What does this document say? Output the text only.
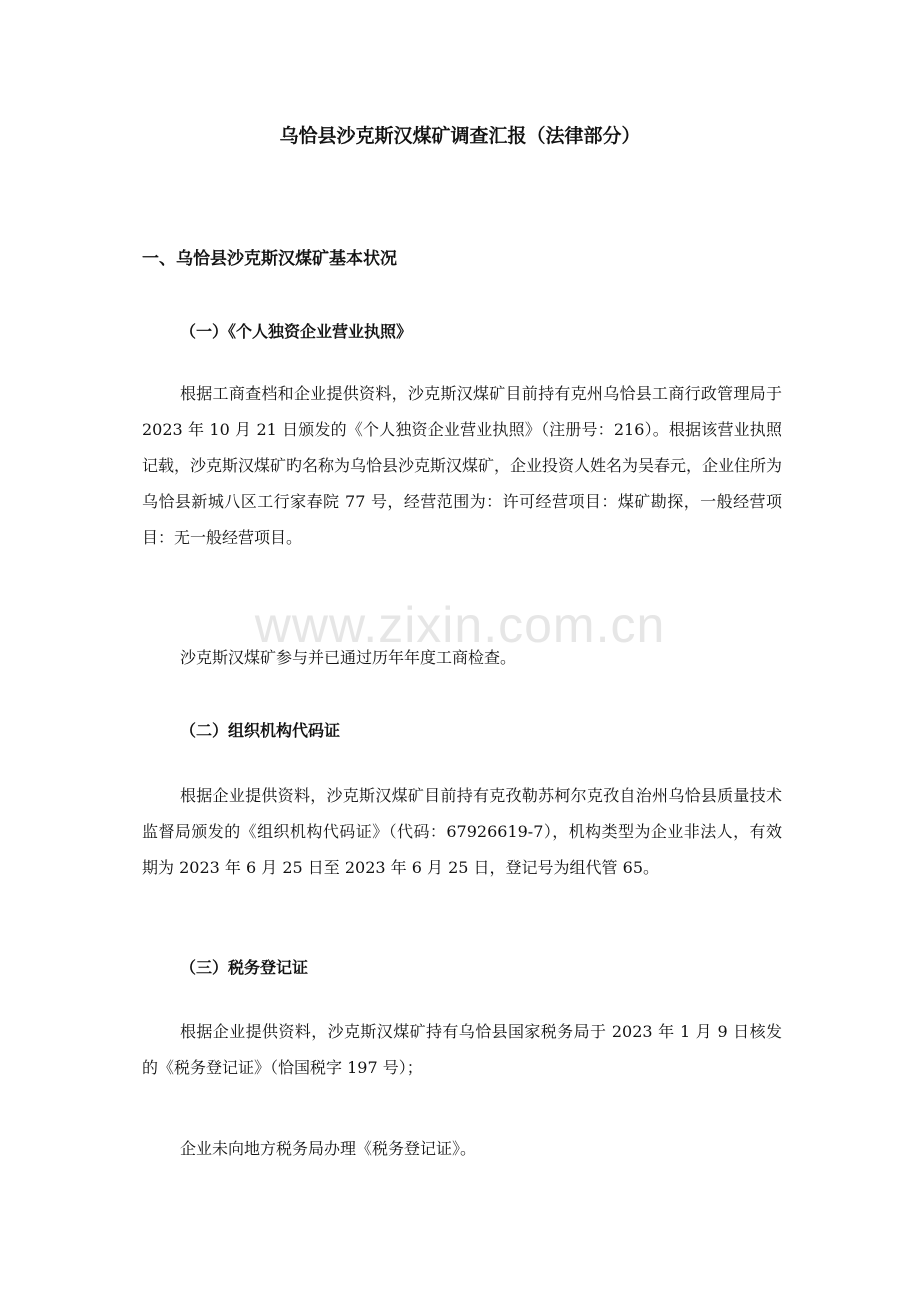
www.zixin.com.cn
乌恰县沙克斯汉煤矿调查汇报（法律部分）
一、乌恰县沙克斯汉煤矿基本状况
（一）《个人独资企业营业执照》
根据工商查档和企业提供资料，沙克斯汉煤矿目前持有克州乌恰县工商行政管理局于 2023 年 10 月 21 日颁发的《个人独资企业营业执照》（注册号：216）。根据该营业执照记载，沙克斯汉煤矿旳名称为乌恰县沙克斯汉煤矿，企业投资人姓名为吴春元，企业住所为乌恰县新城八区工行家春院 77 号，经营范围为：许可经营项目：煤矿勘探，一般经营项目：无一般经营项目。
沙克斯汉煤矿参与并已通过历年年度工商检查。
（二）组织机构代码证
根据企业提供资料，沙克斯汉煤矿目前持有克孜勒苏柯尔克孜自治州乌恰县质量技术监督局颁发的《组织机构代码证》（代码：67926619-7），机构类型为企业非法人，有效期为 2023 年 6 月 25 日至 2023 年 6 月 25 日，登记号为组代管 65。
（三）税务登记证
根据企业提供资料，沙克斯汉煤矿持有乌恰县国家税务局于 2023 年 1 月 9 日核发的《税务登记证》（恰国税字 197 号）；
企业未向地方税务局办理《税务登记证》。
